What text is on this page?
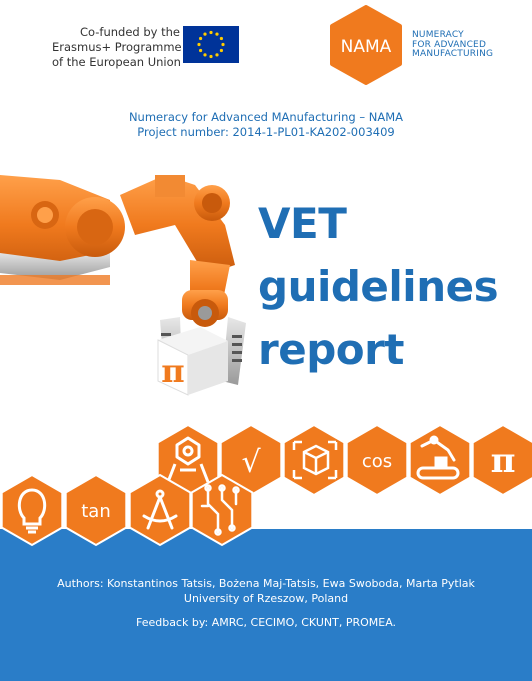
Co-funded by the
Erasmus+ Programme
of the European Union
NAMA
NUMERACY
FOR ADVANCED
MANUFACTURING
Numeracy for Advanced MAnufacturing – NAMA
Project number: 2014-1-PL01-KA202-003409
π
VET
guidelines
report
Authors: Konstantinos Tatsis, Bożena Maj-Tatsis, Ewa Swoboda, Marta Pytlak
University of Rzeszow, Poland
Feedback by: AMRC, CECIMO, CKUNT, PROMEA.
√	cos	π
tan
